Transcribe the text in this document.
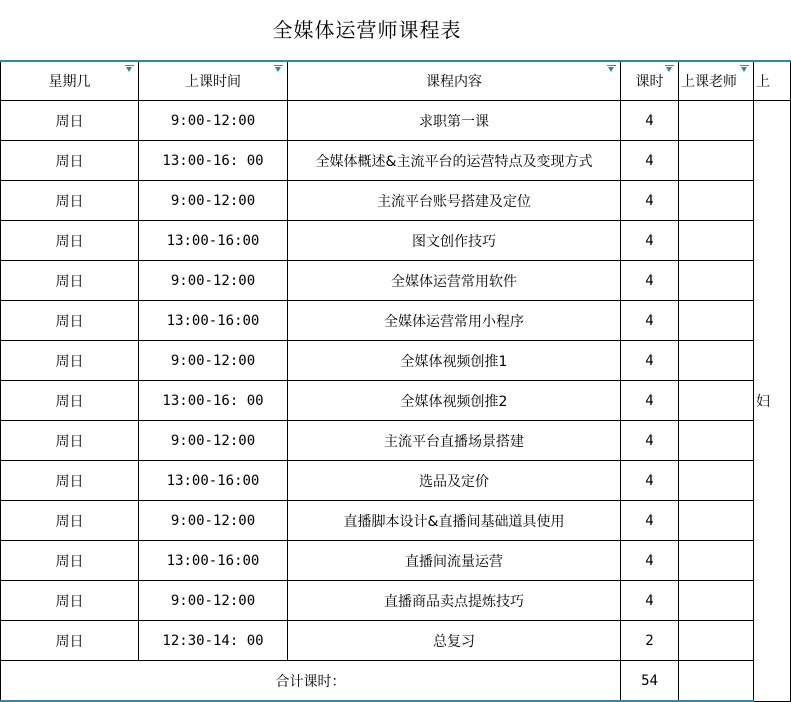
全媒体运营师课程表
星期几	上课时间	课程内容	课时	上课老师	上
周日	9:00-12:00	求职第一课	4		妇
周日	13:00-16: 00	全媒体概述&主流平台的运营特点及变现方式	4		
周日	9:00-12:00	主流平台账号搭建及定位	4		
周日	13:00-16:00	图文创作技巧	4		
周日	9:00-12:00	全媒体运营常用软件	4		
周日	13:00-16:00	全媒体运营常用小程序	4		
周日	9:00-12:00	全媒体视频创推1	4		
周日	13:00-16: 00	全媒体视频创推2	4		
周日	9:00-12:00	主流平台直播场景搭建	4		
周日	13:00-16:00	选品及定价	4		
周日	9:00-12:00	直播脚本设计&直播间基础道具使用	4		
周日	13:00-16:00	直播间流量运营	4		
周日	9:00-12:00	直播商品卖点提炼技巧	4		
周日	12:30-14: 00	总复习	2		
合计课时：			54		
